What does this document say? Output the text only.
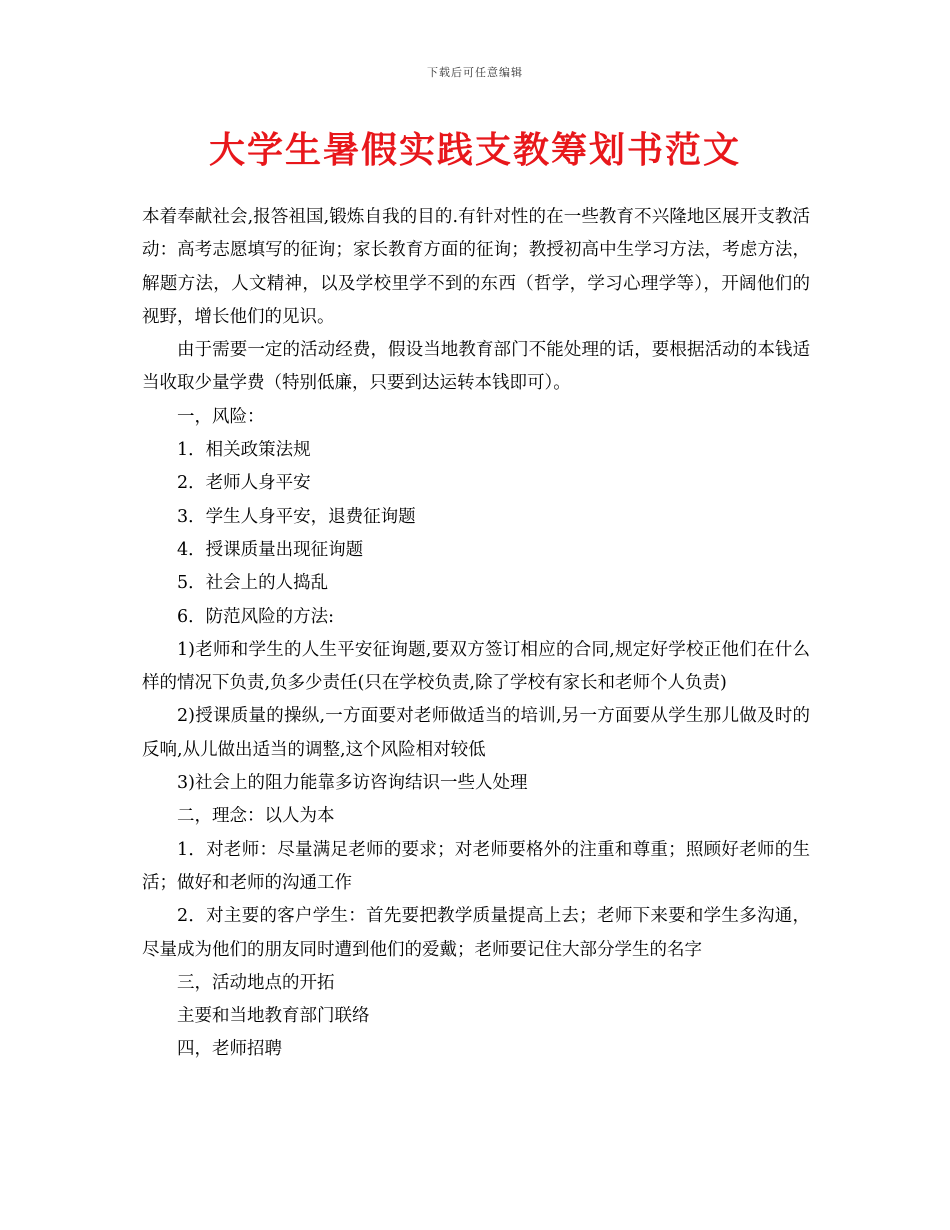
下载后可任意编辑
大学生暑假实践支教筹划书范文

本着奉献社会,报答祖国,锻炼自我的目的.有针对性的在一些教育不兴隆地区展开支教活动：高考志愿填写的征询；家长教育方面的征询；教授初高中生学习方法，考虑方法，解题方法，人文精神，以及学校里学不到的东西（哲学，学习心理学等），开阔他们的视野，增长他们的见识。

由于需要一定的活动经费，假设当地教育部门不能处理的话，要根据活动的本钱适当收取少量学费（特别低廉，只要到达运转本钱即可）。

一，风险：

1．相关政策法规

2．老师人身平安

3．学生人身平安，退费征询题

4．授课质量出现征询题

5．社会上的人捣乱

6．防范风险的方法:

1)老师和学生的人生平安征询题,要双方签订相应的合同,规定好学校正他们在什么样的情况下负责,负多少责任(只在学校负责,除了学校有家长和老师个人负责)

2)授课质量的操纵,一方面要对老师做适当的培训,另一方面要从学生那儿做及时的反响,从儿做出适当的调整,这个风险相对较低

3)社会上的阻力能靠多访咨询结识一些人处理

二，理念：以人为本

1．对老师：尽量满足老师的要求；对老师要格外的注重和尊重；照顾好老师的生活；做好和老师的沟通工作

2．对主要的客户学生：首先要把教学质量提高上去；老师下来要和学生多沟通，尽量成为他们的朋友同时遭到他们的爱戴；老师要记住大部分学生的名字

三，活动地点的开拓

主要和当地教育部门联络

四，老师招聘
